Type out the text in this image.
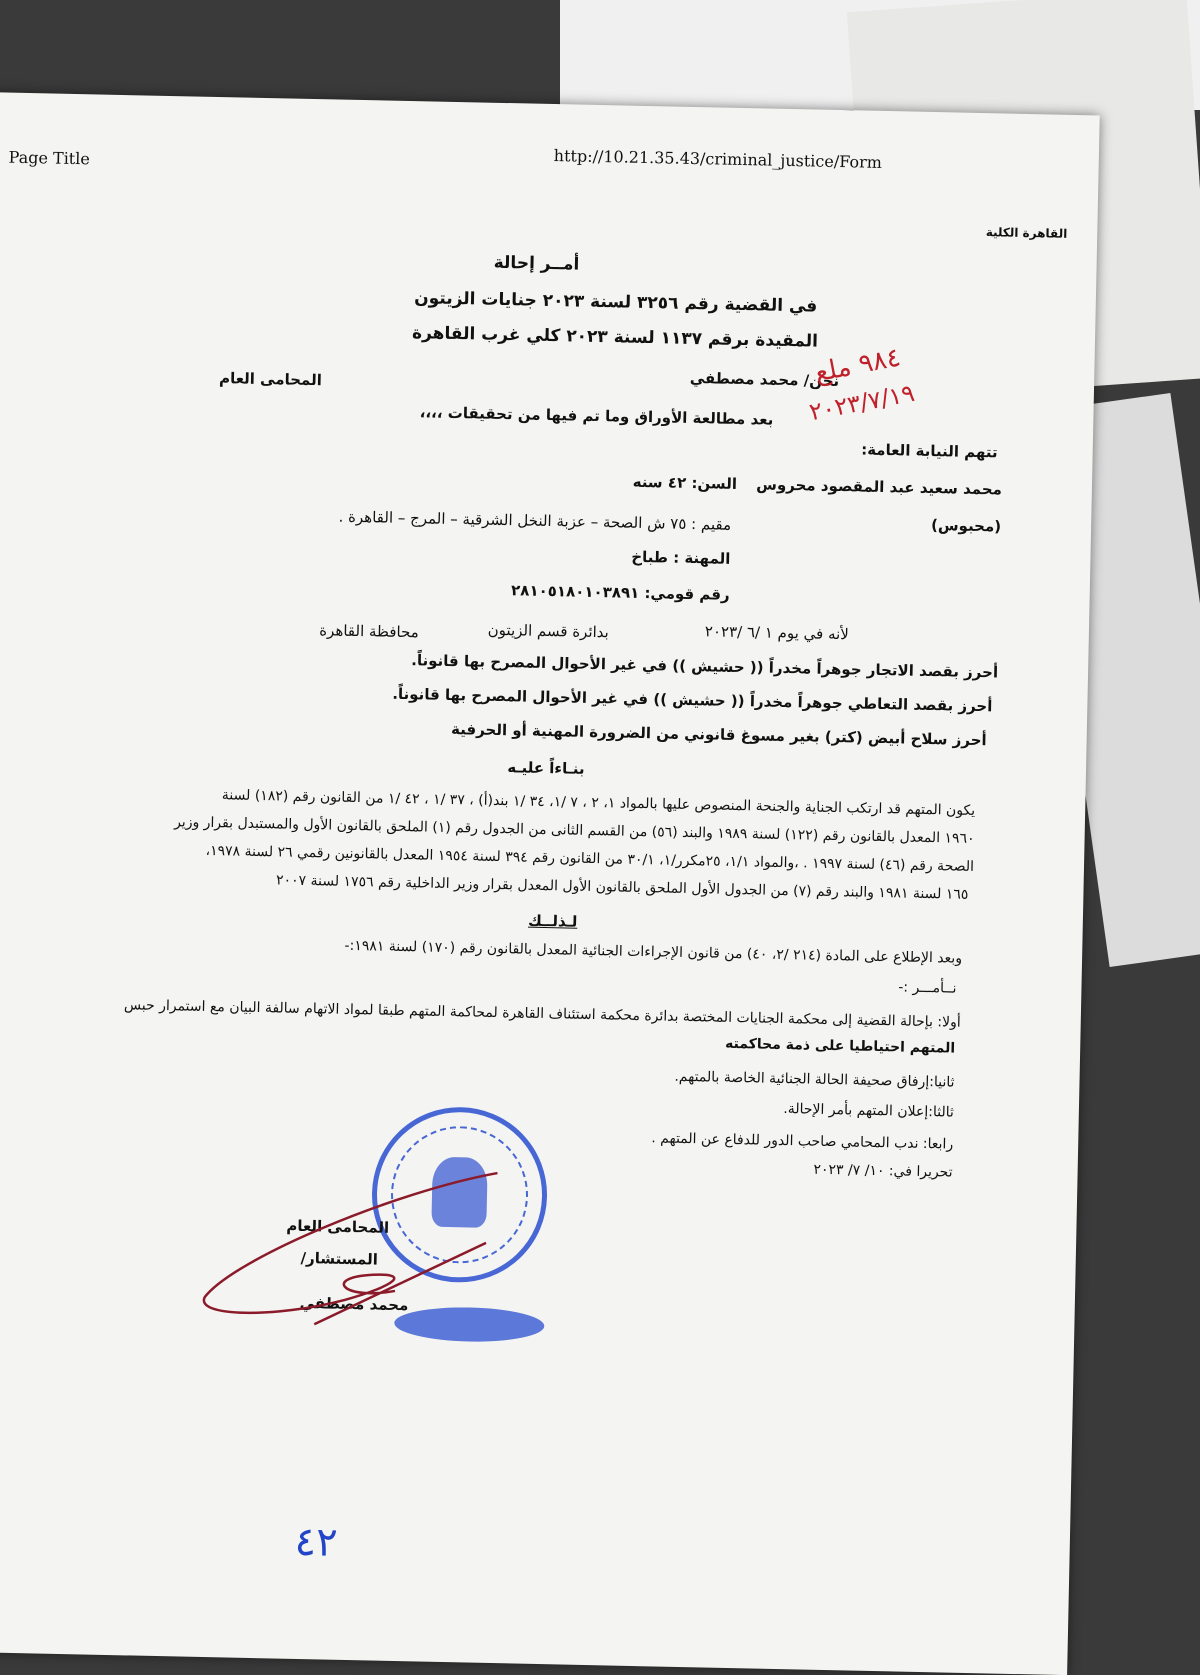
Page Title	http://10.21.35.43/criminal_justice/Form
القاهرة الكلية
أمــر إحالة
في القضية رقم ٣٢٥٦ لسنة ٢٠٢٣ جنايات الزيتون
المقيدة برقم ١١٣٧ لسنة ٢٠٢٣ كلي غرب القاهرة
نحن/ محمد مصطفي
المحامى العام	٩٨٤ ملع
٢٠٢٣/٧/١٩
بعد مطالعة الأوراق وما تم فيها من تحقيقات ،،،،
تتهم النيابة العامة:
محمد سعيد عبد المقصود محروس
السن: ٤٢ سنه
(محبوس)
مقيم : ٧٥ ش الصحة – عزبة النخل الشرقية – المرج – القاهرة .
المهنة : طباخ
رقم قومي: ٢٨١٠٥١٨٠١٠٣٨٩١
لأنه في يوم ١ /٦ /٢٠٢٣
بدائرة قسم الزيتون
محافظة القاهرة
أحرز بقصد الاتجار جوهراً مخدراً (( حشيش )) في غير الأحوال المصرح بها قانوناً.
أحرز بقصد التعاطي جوهراً مخدراً (( حشيش )) في غير الأحوال المصرح بها قانوناً.
أحرز سلاح أبيض (كتر) بغير مسوغ قانوني من الضرورة المهنية أو الحرفية
بنـاءاً عليـه
يكون المتهم قد ارتكب الجناية والجنحة المنصوص عليها بالمواد ١، ٢ ، ٧ /١، ٣٤ /١ بند(أ) ، ٣٧ /١ ، ٤٢ /١ من القانون رقم (١٨٢) لسنة
١٩٦٠ المعدل بالقانون رقم (١٢٢) لسنة ١٩٨٩ والبند (٥٦) من القسم الثانى من الجدول رقم (١) الملحق بالقانون الأول والمستبدل بقرار وزير
الصحة رقم (٤٦) لسنة ١٩٩٧ . ،والمواد ١/١، ٢٥مكرر/١، ٣٠/١ من القانون رقم ٣٩٤ لسنة ١٩٥٤ المعدل بالقانونين رقمي ٢٦ لسنة ١٩٧٨،
١٦٥ لسنة ١٩٨١ والبند رقم (٧) من الجدول الأول الملحق بالقانون الأول المعدل بقرار وزير الداخلية رقم ١٧٥٦ لسنة ٢٠٠٧
لـذلــك
وبعد الإطلاع على المادة (٢١٤ /٢، ٤٠) من قانون الإجراءات الجنائية المعدل بالقانون رقم (١٧٠) لسنة ١٩٨١:-
نــأمـــر :-
أولا: بإحالة القضية إلى محكمة الجنايات المختصة بدائرة محكمة استئناف القاهرة لمحاكمة المتهم طبقا لمواد الاتهام سالفة البيان مع استمرار حبس
المتهم احتياطيا على ذمة محاكمته
ثانيا:إرفاق صحيفة الحالة الجنائية الخاصة بالمتهم.
ثالثا:إعلان المتهم بأمر الإحالة.
رابعا: ندب المحامي صاحب الدور للدفاع عن المتهم .
تحريرا في: ١٠/ ٧/ ٢٠٢٣
المحامى العام
المستشار/
محمد مصطفي
٤٢
